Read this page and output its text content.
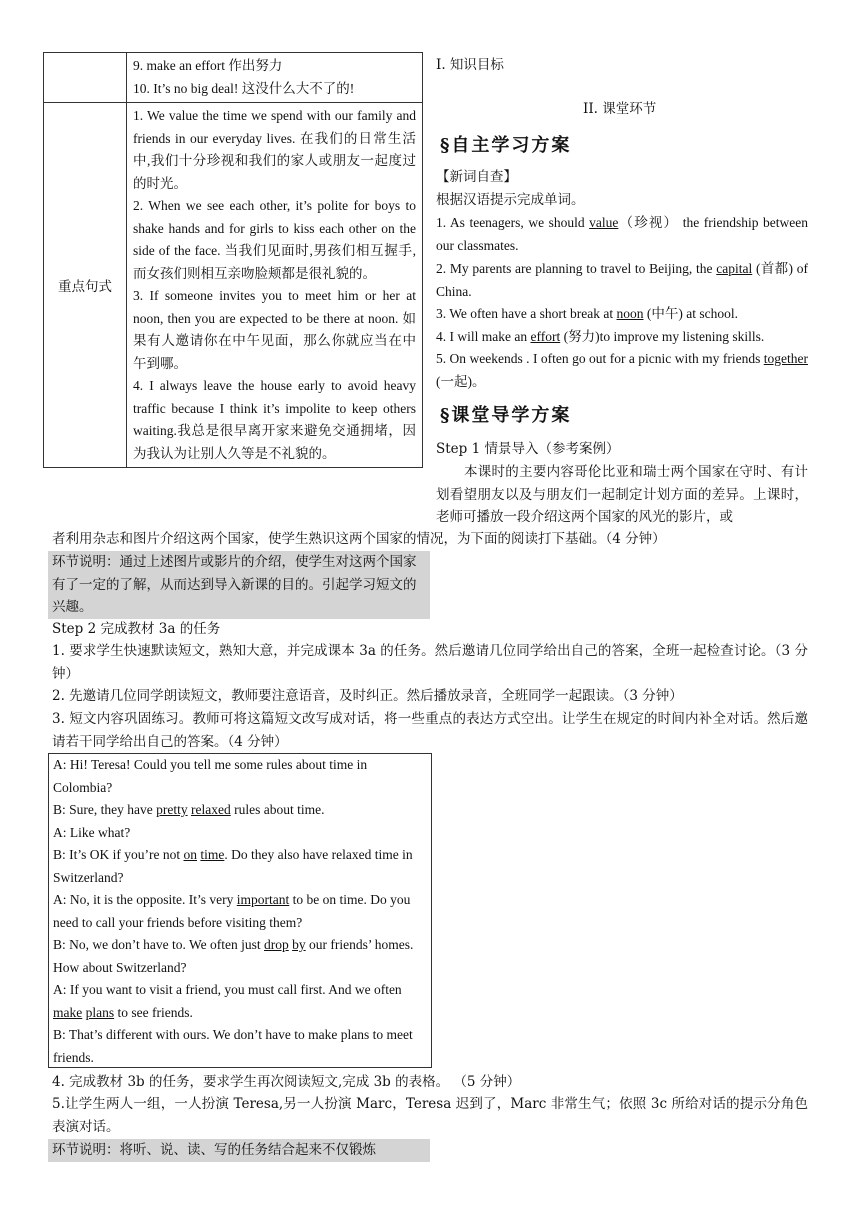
	9. make an effort 作出努力
10. It’s no big deal! 这没什么大不了的!

重点句式	1. We value the time we spend with our family and friends in our everyday lives. 在我们的日常生活中,我们十分珍视和我们的家人或朋友一起度过的时光。
2. When we see each other, it’s polite for boys to shake hands and for girls to kiss each other on the side of the face. 当我们见面时,男孩们相互握手,而女孩们则相互亲吻脸颊都是很礼貌的。
3. If someone invites you to meet him or her at noon, then you are expected to be there at noon. 如果有人邀请你在中午见面，那么你就应当在中午到哪。
4. I always leave the house early to avoid heavy traffic because I think it’s impolite to keep others waiting.我总是很早离开家来避免交通拥堵，因为我认为让别人久等是不礼貌的。
I. 知识目标
II. 课堂环节
§自主学习方案
【新词自查】
根据汉语提示完成单词。
1. As teenagers, we should value（珍视） the friendship between our classmates.
2. My parents are planning to travel to Beijing, the capital (首都) of China.
3. We often have a short break at noon (中午) at school.
4. I will make an effort (努力)to improve my listening skills.
5. On weekends . I often go out for a picnic with my friends together (一起)。
§课堂导学方案
Step 1 情景导入（参考案例）
本课时的主要内容哥伦比亚和瑞士两个国家在守时、有计划看望朋友以及与朋友们一起制定计划方面的差异。上课时，老师可播放一段介绍这两个国家的风光的影片，或
者利用杂志和图片介绍这两个国家，使学生熟识这两个国家的情况，为下面的阅读打下基础。（4 分钟）
环节说明：通过上述图片或影片的介绍，使学生对这两个国家有了一定的了解，从而达到导入新课的目的。引起学习短文的兴趣。
Step 2 完成教材 3a 的任务
1. 要求学生快速默读短文，熟知大意，并完成课本 3a 的任务。然后邀请几位同学给出自己的答案，全班一起检查讨论。（3 分钟）
2. 先邀请几位同学朗读短文，教师要注意语音，及时纠正。然后播放录音，全班同学一起跟读。（3 分钟）
3. 短文内容巩固练习。教师可将这篇短文改写成对话，将一些重点的表达方式空出。让学生在规定的时间内补全对话。然后邀请若干同学给出自己的答案。（4 分钟）
A: Hi! Teresa! Could you tell me some rules about time in Colombia?
B: Sure, they have pretty relaxed rules about time.
A: Like what?
B: It’s OK if you’re not on time. Do they also have relaxed time in Switzerland?
A: No, it is the opposite. It’s very important to be on time. Do you need to call your friends before visiting them?
B: No, we don’t have to. We often just drop by our friends’ homes. How about Switzerland?
A: If you want to visit a friend, you must call first. And we often make plans to see friends.
B: That’s different with ours. We don’t have to make plans to meet friends.
4. 完成教材 3b 的任务，要求学生再次阅读短文,完成 3b 的表格。 （5 分钟）
5.让学生两人一组，一人扮演 Teresa,另一人扮演 Marc，Teresa 迟到了，Marc 非常生气；依照 3c 所给对话的提示分角色表演对话。
环节说明：将听、说、读、写的任务结合起来不仅锻炼
